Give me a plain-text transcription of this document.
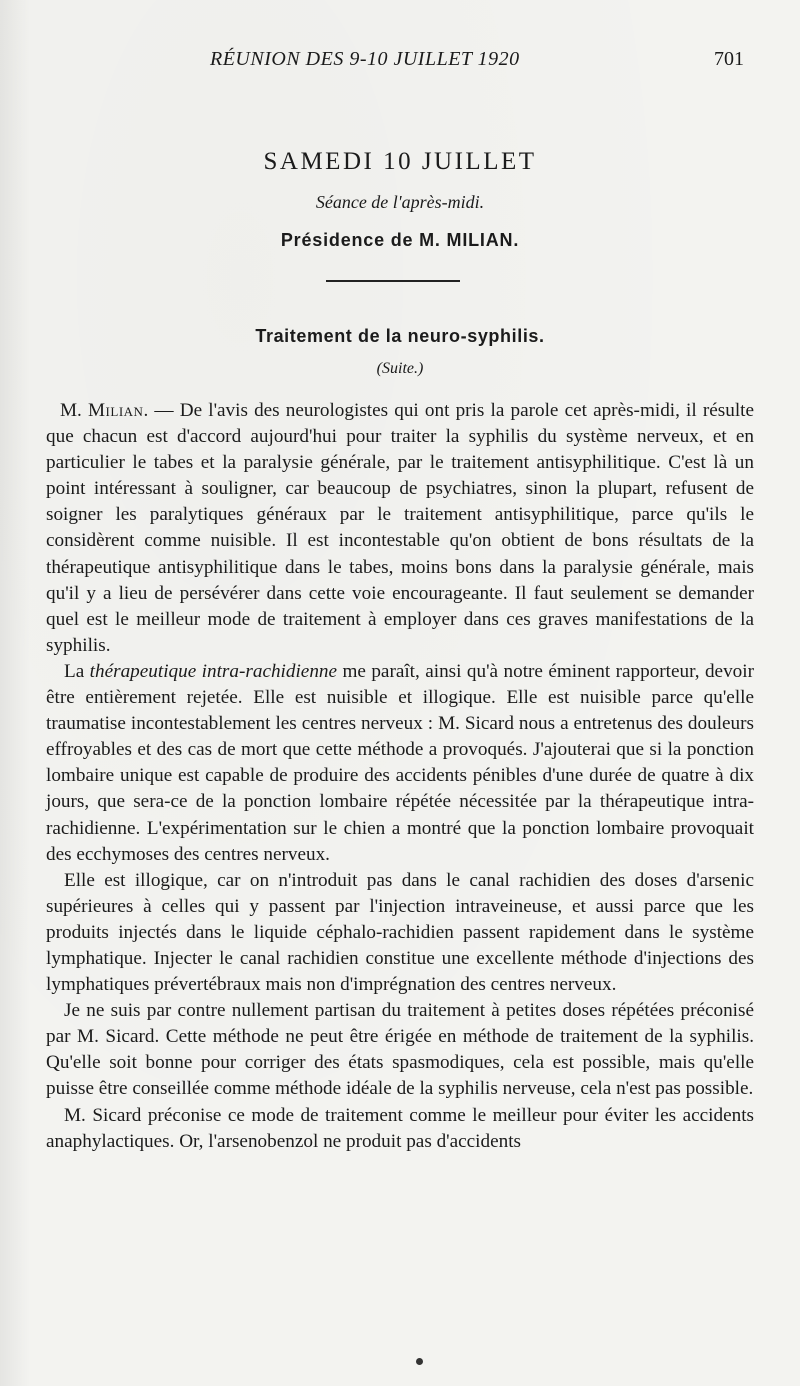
RÉUNION DES 9-10 JUILLET 1920	701
SAMEDI 10 JUILLET
Séance de l'après-midi.
Présidence de M. MILIAN.
Traitement de la neuro-syphilis.
(Suite.)

M. Milian. — De l'avis des neurologistes qui ont pris la parole cet après-midi, il résulte que chacun est d'accord aujourd'hui pour traiter la syphilis du système nerveux, et en particulier le tabes et la paralysie générale, par le traitement antisyphilitique. C'est là un point intéressant à souligner, car beaucoup de psychiatres, sinon la plupart, refusent de soigner les paralytiques généraux par le traitement antisyphilitique, parce qu'ils le considèrent comme nuisible. Il est incontestable qu'on obtient de bons résultats de la thérapeutique antisyphilitique dans le tabes, moins bons dans la paralysie générale, mais qu'il y a lieu de persévérer dans cette voie encourageante. Il faut seulement se demander quel est le meilleur mode de traitement à employer dans ces graves manifestations de la syphilis.

La thérapeutique intra-rachidienne me paraît, ainsi qu'à notre éminent rapporteur, devoir être entièrement rejetée. Elle est nuisible et illogique. Elle est nuisible parce qu'elle traumatise incontestablement les centres nerveux : M. Sicard nous a entretenus des douleurs effroyables et des cas de mort que cette méthode a provoqués. J'ajouterai que si la ponction lombaire unique est capable de produire des accidents pénibles d'une durée de quatre à dix jours, que sera-ce de la ponction lombaire répétée nécessitée par la thérapeutique intra-rachidienne. L'expérimentation sur le chien a montré que la ponction lombaire provoquait des ecchymoses des centres nerveux.

Elle est illogique, car on n'introduit pas dans le canal rachidien des doses d'arsenic supérieures à celles qui y passent par l'injection intraveineuse, et aussi parce que les produits injectés dans le liquide céphalo-rachidien passent rapidement dans le système lymphatique. Injecter le canal rachidien constitue une excellente méthode d'injections des lymphatiques prévertébraux mais non d'imprégnation des centres nerveux.

Je ne suis par contre nullement partisan du traitement à petites doses répétées préconisé par M. Sicard. Cette méthode ne peut être érigée en méthode de traitement de la syphilis. Qu'elle soit bonne pour corriger des états spasmodiques, cela est possible, mais qu'elle puisse être conseillée comme méthode idéale de la syphilis nerveuse, cela n'est pas possible.

M. Sicard préconise ce mode de traitement comme le meilleur pour éviter les accidents anaphylactiques. Or, l'arsenobenzol ne produit pas d'accidents
